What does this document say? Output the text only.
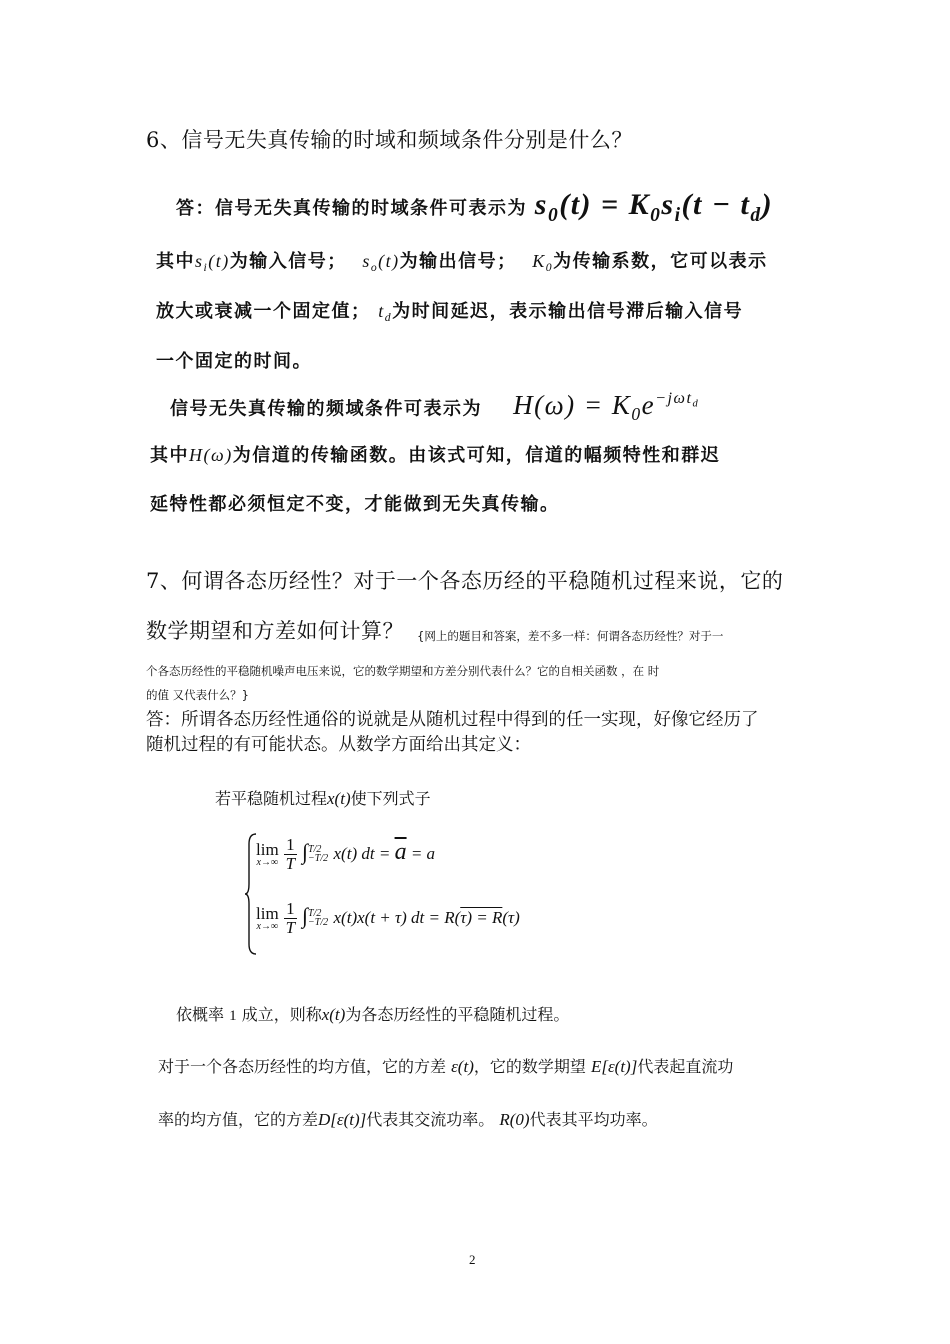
6、信号无失真传输的时域和频域条件分别是什么？
答：信号无失真传输的时域条件可表示为 $s_0(t) = K_0s_i(t - t_d)$
其中$s_i(t)$为输入信号； $s_o(t)$为输出信号； $K_0$为传输系数，它可以表示
放大或衰减一个固定值； $t_d$为时间延迟，表示输出信号滞后输入信号
一个固定的时间。
信号无失真传输的频域条件可表示为 $H(\omega) = K_0e^{-j\omega t_d}$
其中H(ω)为信道的传输函数。由该式可知，信道的幅频特性和群迟
延特性都必须恒定不变，才能做到无失真传输。
7、何谓各态历经性？对于一个各态历经的平稳随机过程来说，它的
数学期望和方差如何计算？ {网上的题目和答案，差不多一样：何谓各态历经性？对于一
个各态历经性的平稳随机噪声电压来说，它的数学期望和方差分别代表什么？它的自相关函数 ，在 时
的值 又代表什么？}
答：所谓各态历经性通俗的说就是从随机过程中得到的任一实现，好像它经历了
随机过程的有可能状态。从数学方面给出其定义：
若平稳随机过程x(t)使下列式子
lim
x→∞
$\frac{1}{T} \int T/2$
−T/2 x(t) dt = $\overline{a} = a$
lim
x→∞
$\frac{1}{T} \int T/2$
−T/2 x(t)x(t + τ) dt = R(τ) = R(τ)
依概率 1 成立，则称x(t)为各态历经性的平稳随机过程。
对于一个各态历经性的均方值，它的方差 ε(t)，它的数学期望 E[ε(t)]代表起直流功
率的均方值，它的方差D[ε(t)]代表其交流功率。 R(0)代表其平均功率。
2
